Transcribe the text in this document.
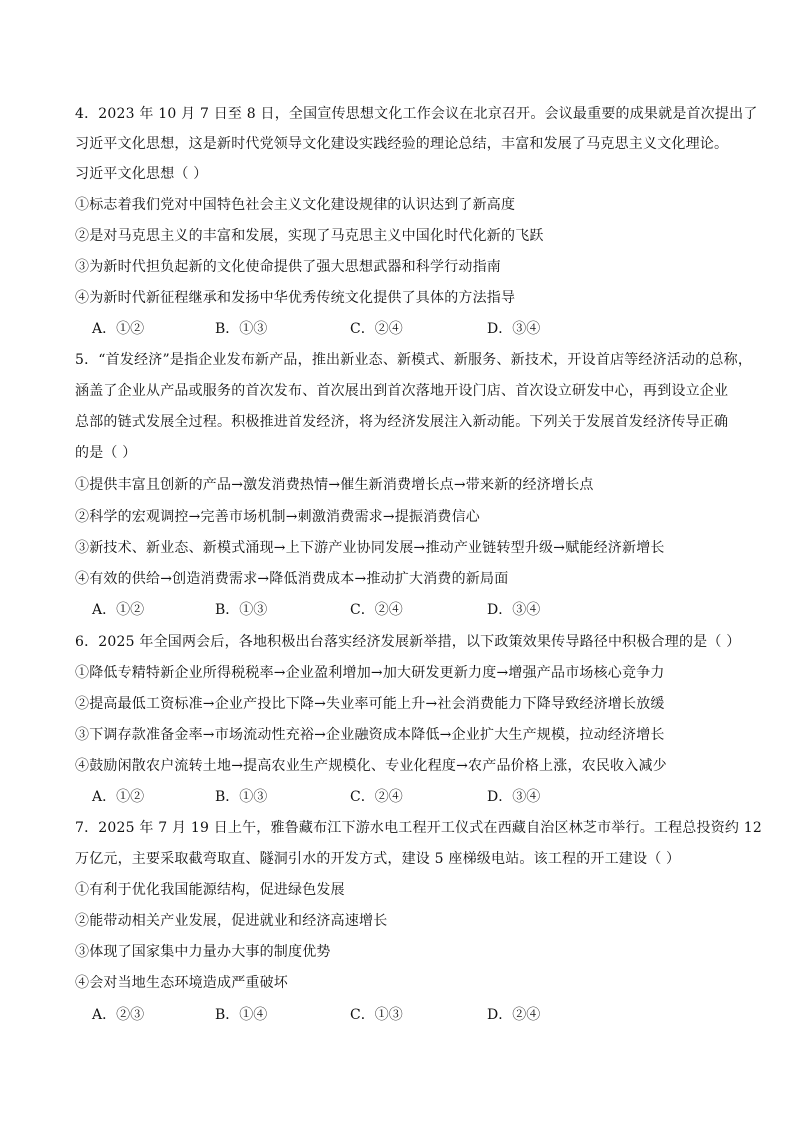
4．2023 年 10 月 7 日至 8 日，全国宣传思想文化工作会议在北京召开。会议最重要的成果就是首次提出了
习近平文化思想，这是新时代党领导文化建设实践经验的理论总结，丰富和发展了马克思主义文化理论。
习近平文化思想（ ）
①标志着我们党对中国特色社会主义文化建设规律的认识达到了新高度
②是对马克思主义的丰富和发展，实现了马克思主义中国化时代化新的飞跃
③为新时代担负起新的文化使命提供了强大思想武器和科学行动指南
④为新时代新征程继承和发扬中华优秀传统文化提供了具体的方法指导
A．①②	B．①③	C．②④	D．③④
5．“首发经济”是指企业发布新产品，推出新业态、新模式、新服务、新技术，开设首店等经济活动的总称，
涵盖了企业从产品或服务的首次发布、首次展出到首次落地开设门店、首次设立研发中心，再到设立企业
总部的链式发展全过程。积极推进首发经济，将为经济发展注入新动能。下列关于发展首发经济传导正确
的是（ ）
①提供丰富且创新的产品→激发消费热情→催生新消费增长点→带来新的经济增长点
②科学的宏观调控→完善市场机制→刺激消费需求→提振消费信心
③新技术、新业态、新模式涌现→上下游产业协同发展→推动产业链转型升级→赋能经济新增长
④有效的供给→创造消费需求→降低消费成本→推动扩大消费的新局面
A．①②	B．①③	C．②④	D．③④
6．2025 年全国两会后，各地积极出台落实经济发展新举措，以下政策效果传导路径中积极合理的是（ ）
①降低专精特新企业所得税税率→企业盈利增加→加大研发更新力度→增强产品市场核心竞争力
②提高最低工资标准→企业产投比下降→失业率可能上升→社会消费能力下降导致经济增长放缓
③下调存款准备金率→市场流动性充裕→企业融资成本降低→企业扩大生产规模，拉动经济增长
④鼓励闲散农户流转土地→提高农业生产规模化、专业化程度→农产品价格上涨，农民收入减少
A．①②	B．①③	C．②④	D．③④
7．2025 年 7 月 19 日上午，雅鲁藏布江下游水电工程开工仪式在西藏自治区林芝市举行。工程总投资约 12
万亿元，主要采取截弯取直、隧洞引水的开发方式，建设 5 座梯级电站。该工程的开工建设（ ）
①有利于优化我国能源结构，促进绿色发展
②能带动相关产业发展，促进就业和经济高速增长
③体现了国家集中力量办大事的制度优势
④会对当地生态环境造成严重破坏
A．②③	B．①④	C．①③	D．②④
